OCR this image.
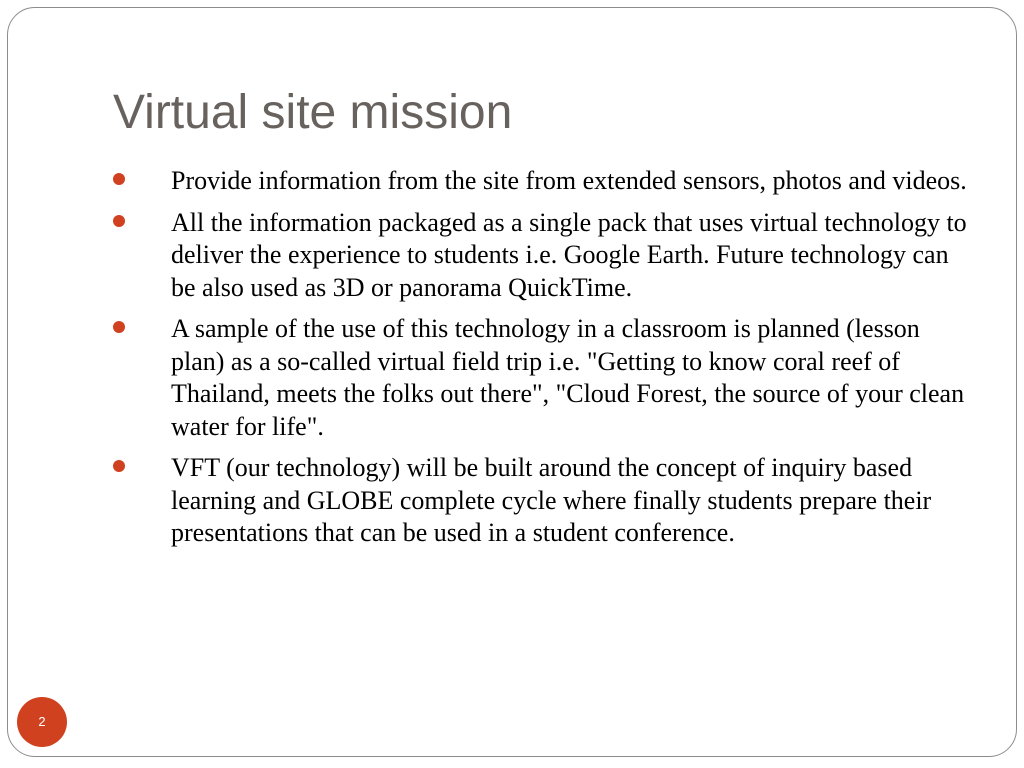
Virtual site mission
Provide information from the site from extended sensors, photos and videos.
All the information packaged as a single pack that uses virtual technology to deliver the experience to students i.e. Google Earth. Future technology can be also used as 3D or panorama QuickTime.
A sample of the use of this technology in a classroom is planned (lesson plan) as a so-called virtual field trip i.e. "Getting to know coral reef of Thailand, meets the folks out there", "Cloud Forest, the source of your clean water for life".
VFT (our technology) will be built around the concept of inquiry based learning and GLOBE complete cycle where finally students prepare their presentations that can be used in a student conference.
2
